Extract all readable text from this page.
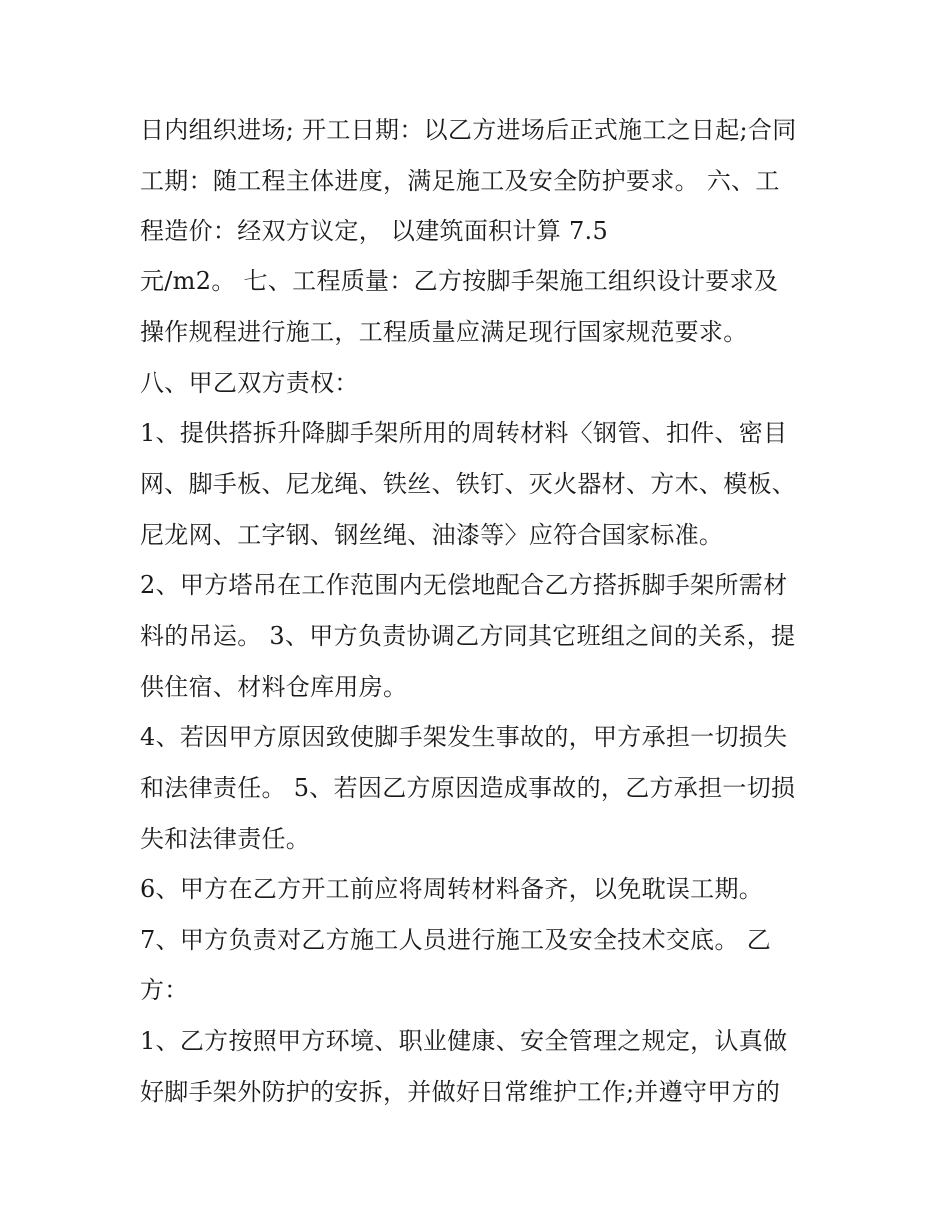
日内组织进场; 开工日期：以乙方进场后正式施工之日起;合同
工期：随工程主体进度，满足施工及安全防护要求。 六、工
程造价：经双方议定， 以建筑面积计算 7.5
元/m2。 七、工程质量：乙方按脚手架施工组织设计要求及
操作规程进行施工，工程质量应满足现行国家规范要求。
八、甲乙双方责权：
1、提供搭拆升降脚手架所用的周转材料〈钢管、扣件、密目
网、脚手板、尼龙绳、铁丝、铁钉、灭火器材、方木、模板、
尼龙网、工字钢、钢丝绳、油漆等〉应符合国家标准。
2、甲方塔吊在工作范围内无偿地配合乙方搭拆脚手架所需材
料的吊运。 3、甲方负责协调乙方同其它班组之间的关系，提
供住宿、材料仓库用房。
4、若因甲方原因致使脚手架发生事故的，甲方承担一切损失
和法律责任。 5、若因乙方原因造成事故的，乙方承担一切损
失和法律责任。
6、甲方在乙方开工前应将周转材料备齐，以免耽误工期。
7、甲方负责对乙方施工人员进行施工及安全技术交底。 乙
方：
1、乙方按照甲方环境、职业健康、安全管理之规定，认真做
好脚手架外防护的安拆，并做好日常维护工作;并遵守甲方的
